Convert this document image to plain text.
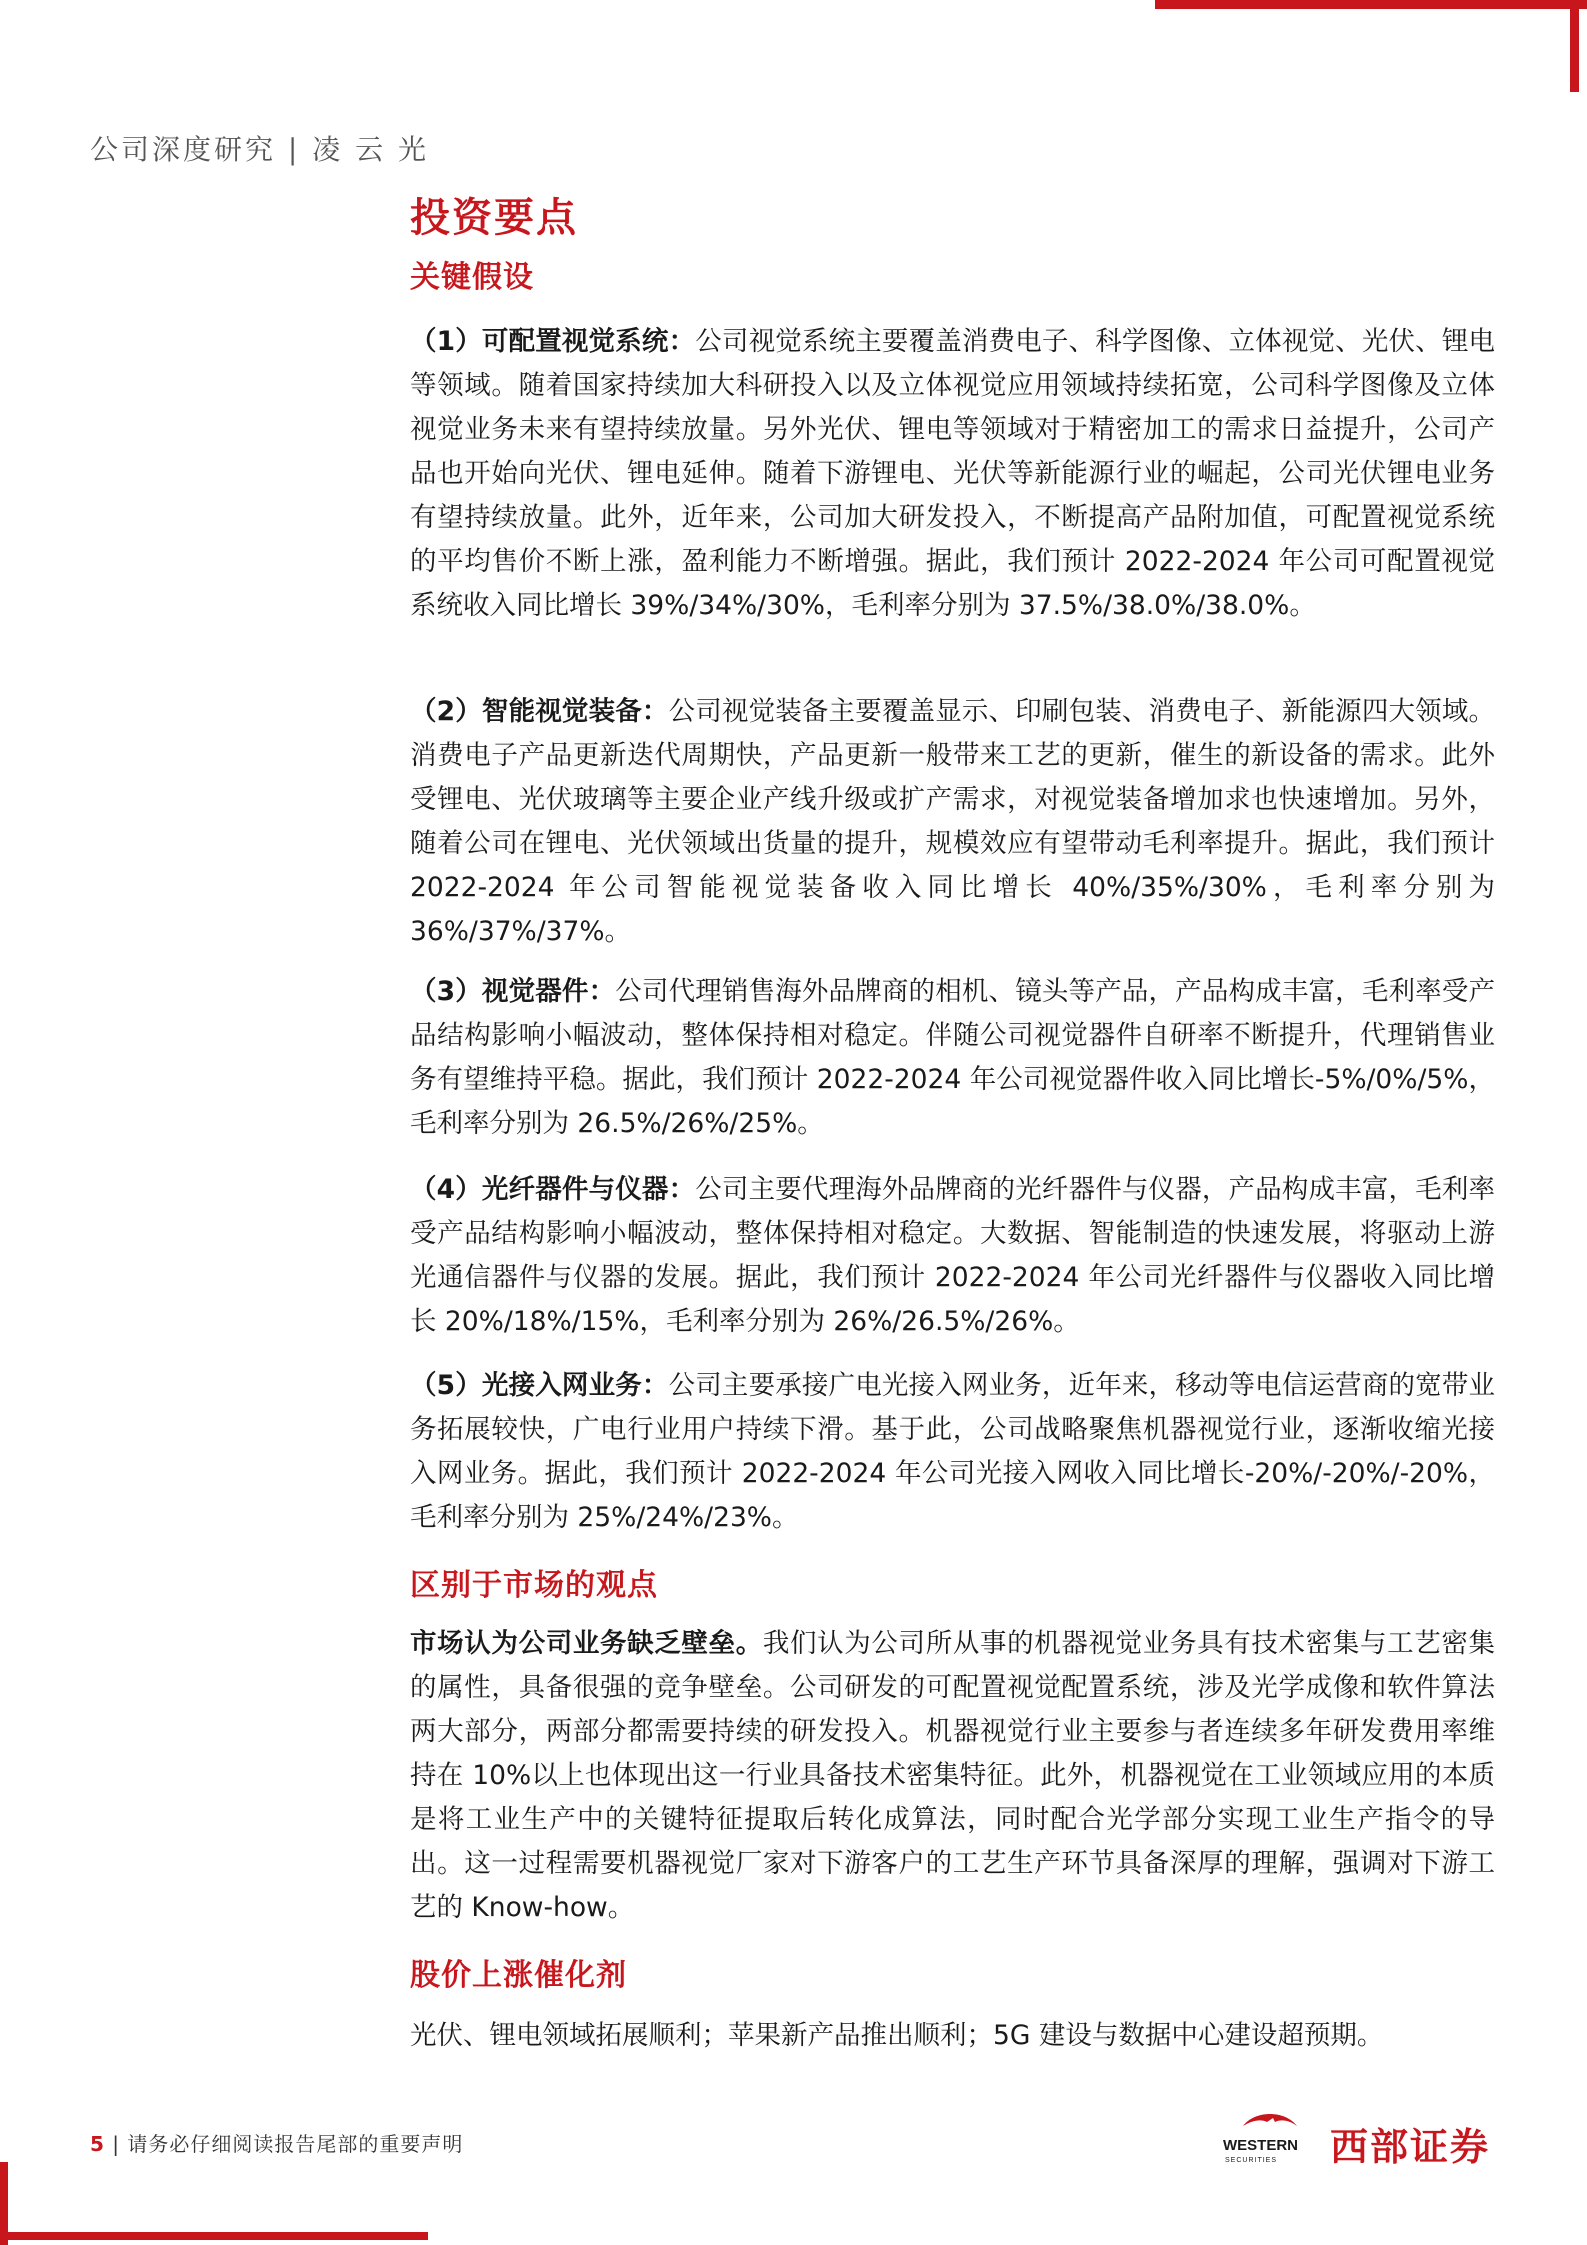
公司深度研究 | 凌 云 光
投资要点
关键假设

（1）可配置视觉系统：公司视觉系统主要覆盖消费电子、科学图像、立体视觉、光伏、锂电等领域。随着国家持续加大科研投入以及立体视觉应用领域持续拓宽，公司科学图像及立体视觉业务未来有望持续放量。另外光伏、锂电等领域对于精密加工的需求日益提升，公司产品也开始向光伏、锂电延伸。随着下游锂电、光伏等新能源行业的崛起，公司光伏锂电业务有望持续放量。此外，近年来，公司加大研发投入，不断提高产品附加值，可配置视觉系统的平均售价不断上涨，盈利能力不断增强。据此，我们预计 2022-2024 年公司可配置视觉系统收入同比增长 39%/34%/30%，毛利率分别为 37.5%/38.0%/38.0%。

（2）智能视觉装备：公司视觉装备主要覆盖显示、印刷包装、消费电子、新能源四大领域。消费电子产品更新迭代周期快，产品更新一般带来工艺的更新，催生的新设备的需求。此外受锂电、光伏玻璃等主要企业产线升级或扩产需求，对视觉装备增加求也快速增加。另外，随着公司在锂电、光伏领域出货量的提升，规模效应有望带动毛利率提升。据此，我们预计 2022-2024 年公司智能视觉装备收入同比增长 40%/35%/30%，毛利率分别为 36%/37%/37%。

（3）视觉器件：公司代理销售海外品牌商的相机、镜头等产品，产品构成丰富，毛利率受产品结构影响小幅波动，整体保持相对稳定。伴随公司视觉器件自研率不断提升，代理销售业务有望维持平稳。据此，我们预计 2022-2024 年公司视觉器件收入同比增长-5%/0%/5%，毛利率分别为 26.5%/26%/25%。

（4）光纤器件与仪器：公司主要代理海外品牌商的光纤器件与仪器，产品构成丰富，毛利率受产品结构影响小幅波动，整体保持相对稳定。大数据、智能制造的快速发展，将驱动上游光通信器件与仪器的发展。据此，我们预计 2022-2024 年公司光纤器件与仪器收入同比增长 20%/18%/15%，毛利率分别为 26%/26.5%/26%。

（5）光接入网业务：公司主要承接广电光接入网业务，近年来，移动等电信运营商的宽带业务拓展较快，广电行业用户持续下滑。基于此，公司战略聚焦机器视觉行业，逐渐收缩光接入网业务。据此，我们预计 2022-2024 年公司光接入网收入同比增长-20%/-20%/-20%，毛利率分别为 25%/24%/23%。

区别于市场的观点

市场认为公司业务缺乏壁垒。我们认为公司所从事的机器视觉业务具有技术密集与工艺密集的属性，具备很强的竞争壁垒。公司研发的可配置视觉配置系统，涉及光学成像和软件算法两大部分，两部分都需要持续的研发投入。机器视觉行业主要参与者连续多年研发费用率维持在 10%以上也体现出这一行业具备技术密集特征。此外，机器视觉在工业领域应用的本质是将工业生产中的关键特征提取后转化成算法，同时配合光学部分实现工业生产指令的导出。这一过程需要机器视觉厂家对下游客户的工艺生产环节具备深厚的理解，强调对下游工艺的 Know-how。

股价上涨催化剂

光伏、锂电领域拓展顺利；苹果新产品推出顺利；5G 建设与数据中心建设超预期。

5 | 请务必仔细阅读报告尾部的重要声明	WESTERN
SECURITIES 西部证券
